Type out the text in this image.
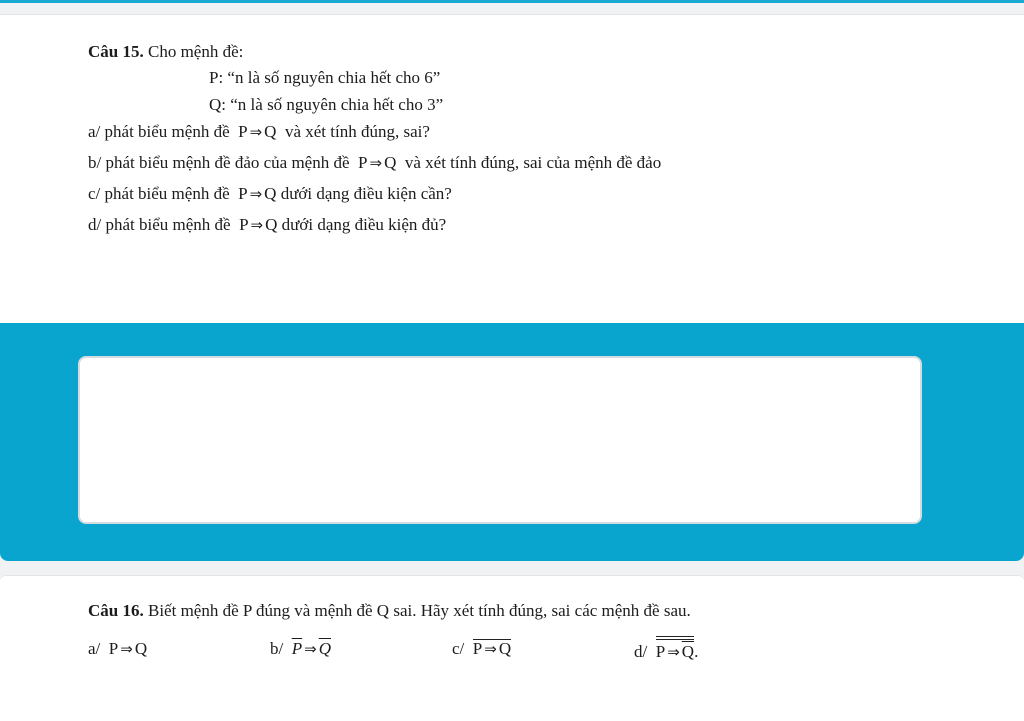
Câu 15. Cho mệnh đề:
P: “n là số nguyên chia hết cho 6”
Q: “n là số nguyên chia hết cho 3”
a/ phát biểu mệnh đề P ⇒ Q và xét tính đúng, sai?
b/ phát biểu mệnh đề đảo của mệnh đề P ⇒ Q và xét tính đúng, sai của mệnh đề đảo
c/ phát biểu mệnh đề P ⇒ Q dưới dạng điều kiện cần?
d/ phát biểu mệnh đề P ⇒ Q dưới dạng điều kiện đủ?
Câu 16. Biết mệnh đề P đúng và mệnh đề Q sai. Hãy xét tính đúng, sai các mệnh đề sau.
a/ P ⇒ Q	b/ $\overline{P}$ ⇒ $\overline{Q}$	c/ P ⇒ Q	d/ P ⇒ $\overline{Q}$.
